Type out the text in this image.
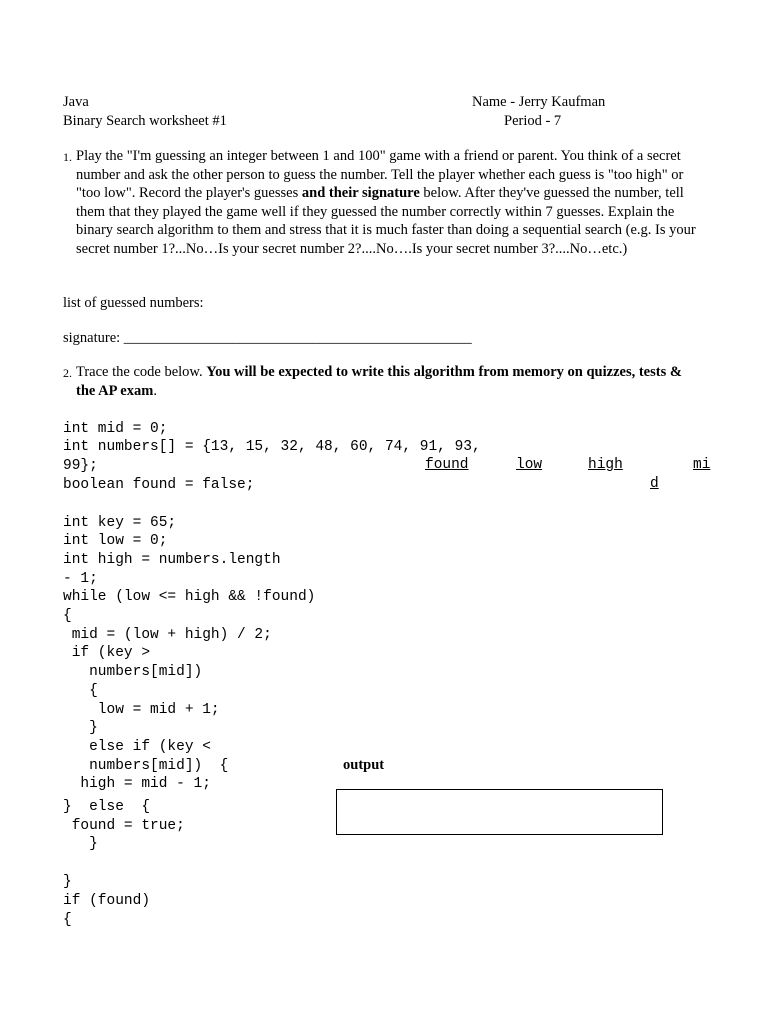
Java
Binary Search worksheet #1
Name - Jerry Kaufman
Period - 7
1. Play the "I'm guessing an integer between 1 and 100" game with a friend or parent. You think of a secret number and ask the other person to guess the number. Tell the player whether each guess is "too high" or "too low". Record the player's guesses and their signature below. After they've guessed the number, tell them that they played the game well if they guessed the number correctly within 7 guesses. Explain the binary search algorithm to them and stress that it is much faster than doing a sequential search (e.g. Is your secret number 1?...No…Is your secret number 2?....No….Is your secret number 3?....No…etc.)
list of guessed numbers:
signature: ________________________________________________
2. Trace the code below. You will be expected to write this algorithm from memory on quizzes, tests & the AP exam.

int mid = 0;
int numbers[] = {13, 15, 32, 48, 60, 74, 91, 93,
99};
boolean found = false;
int key = 65;
int low = 0;
int high = numbers.length
- 1;
while (low <= high && !found)
{
mid = (low + high) / 2;
if (key >
numbers[mid])
{
low = mid + 1;
}
else if (key <
numbers[mid])  {
high = mid - 1;
}  else  {
found = true;
}
}
if (found)
{

found	low	high	mi
d
output
